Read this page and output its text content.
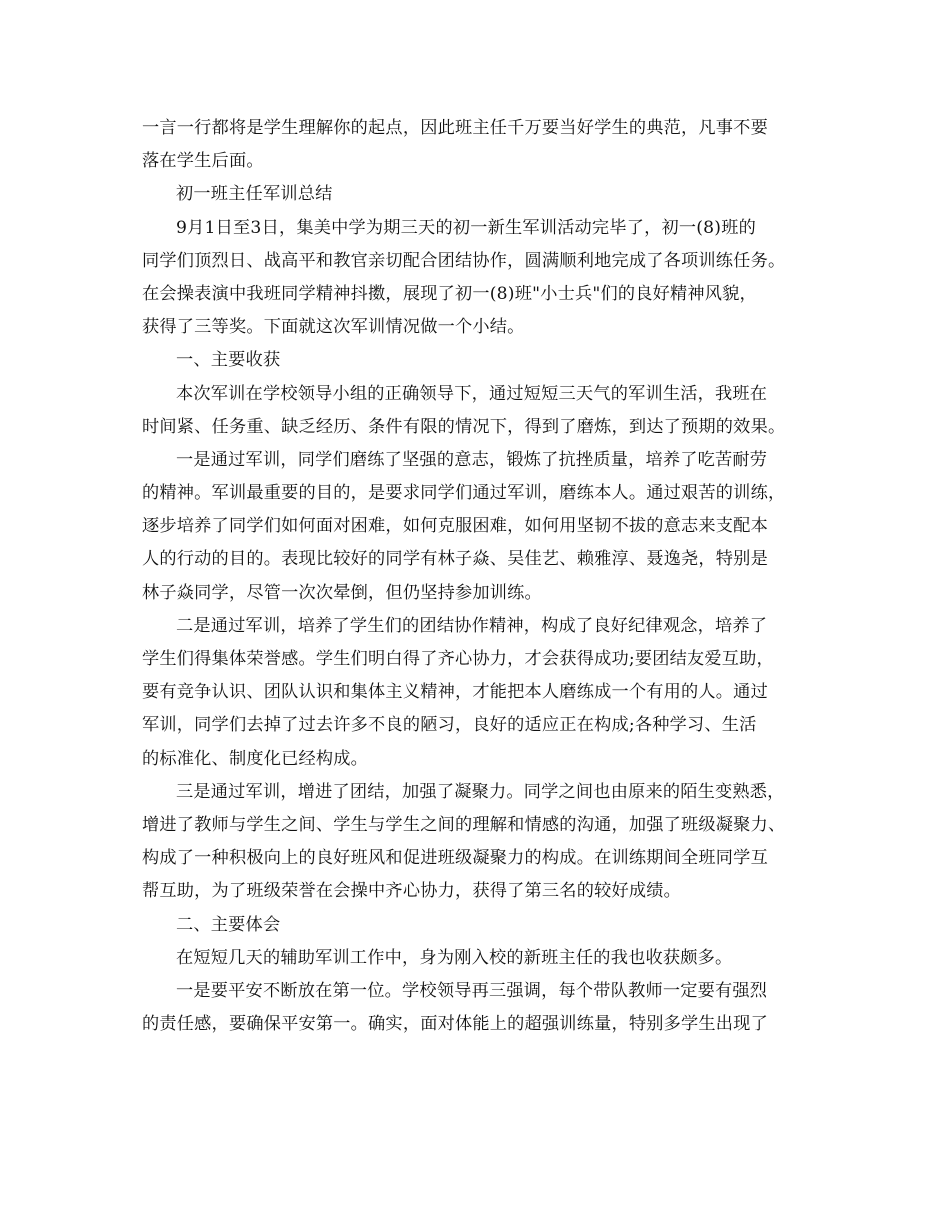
一言一行都将是学生理解你的起点，因此班主任千万要当好学生的典范，凡事不要
落在学生后面。
初一班主任军训总结
9月1日至3日，集美中学为期三天的初一新生军训活动完毕了，初一(8)班的
同学们顶烈日、战高平和教官亲切配合团结协作，圆满顺利地完成了各项训练任务。
在会操表演中我班同学精神抖擞，展现了初一(8)班"小士兵"们的良好精神风貌，
获得了三等奖。下面就这次军训情况做一个小结。
一、主要收获
本次军训在学校领导小组的正确领导下，通过短短三天气的军训生活，我班在
时间紧、任务重、缺乏经历、条件有限的情况下，得到了磨炼，到达了预期的效果。
一是通过军训，同学们磨练了坚强的意志，锻炼了抗挫质量，培养了吃苦耐劳
的精神。军训最重要的目的，是要求同学们通过军训，磨练本人。通过艰苦的训练，
逐步培养了同学们如何面对困难，如何克服困难，如何用坚韧不拔的意志来支配本
人的行动的目的。表现比较好的同学有林子焱、吴佳艺、赖雅淳、聂逸尧，特别是
林子焱同学，尽管一次次晕倒，但仍坚持参加训练。
二是通过军训，培养了学生们的团结协作精神，构成了良好纪律观念，培养了
学生们得集体荣誉感。学生们明白得了齐心协力，才会获得成功;要团结友爱互助，
要有竞争认识、团队认识和集体主义精神，才能把本人磨练成一个有用的人。通过
军训，同学们去掉了过去许多不良的陋习，良好的适应正在构成;各种学习、生活
的标准化、制度化已经构成。
三是通过军训，增进了团结，加强了凝聚力。同学之间也由原来的陌生变熟悉，
增进了教师与学生之间、学生与学生之间的理解和情感的沟通，加强了班级凝聚力、
构成了一种积极向上的良好班风和促进班级凝聚力的构成。在训练期间全班同学互
帮互助，为了班级荣誉在会操中齐心协力，获得了第三名的较好成绩。
二、主要体会
在短短几天的辅助军训工作中，身为刚入校的新班主任的我也收获颇多。
一是要平安不断放在第一位。学校领导再三强调，每个带队教师一定要有强烈
的责任感，要确保平安第一。确实，面对体能上的超强训练量，特别多学生出现了
